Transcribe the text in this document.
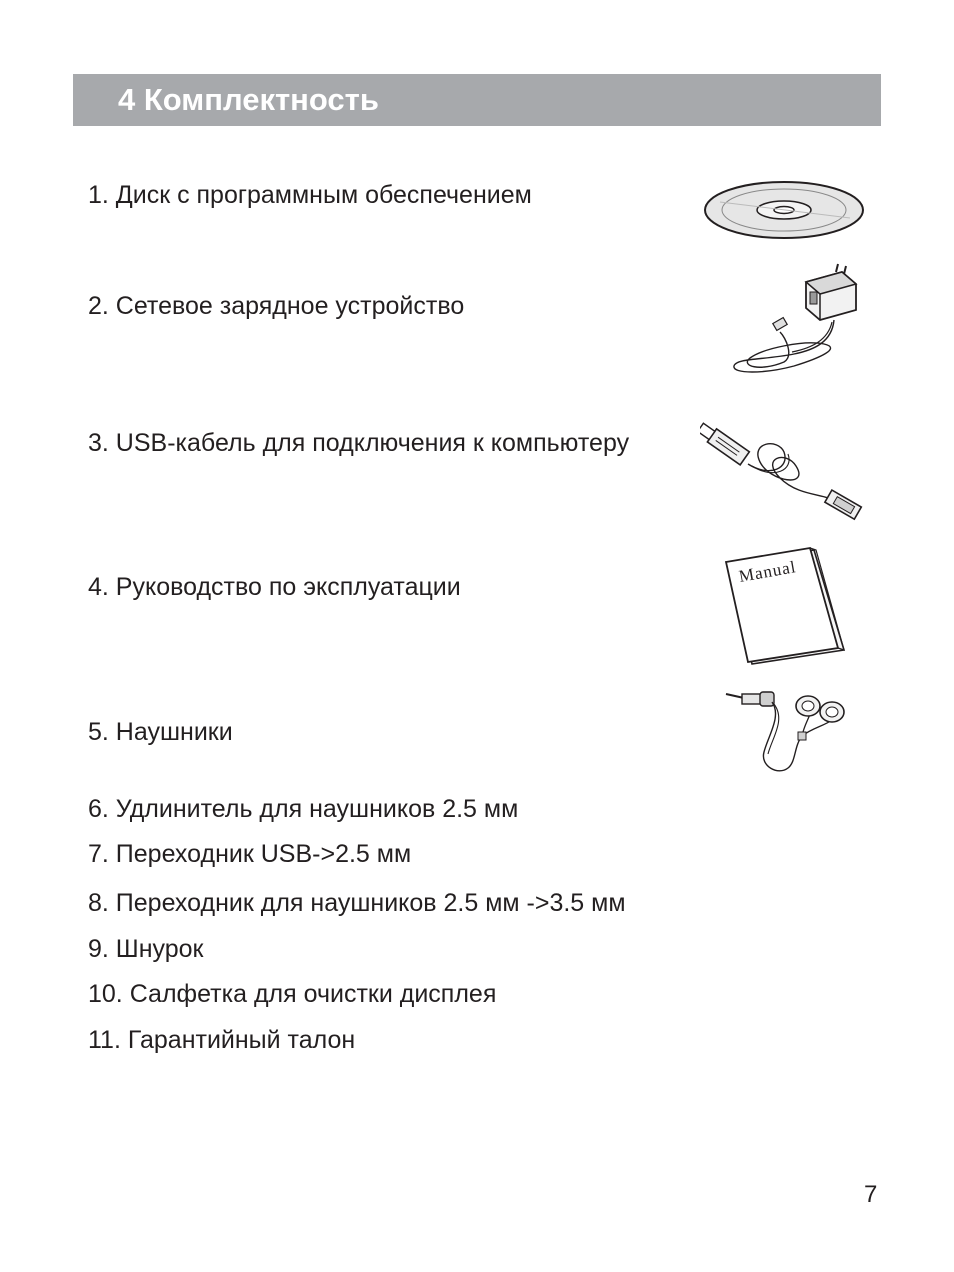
4 Комплектность
1. Диск с программным обеспечением
2. Сетевое зарядное устройство
3. USB-кабель для подключения к компьютеру
4. Руководство по эксплуатации
5. Наушники
6. Удлинитель для наушников 2.5 мм
7. Переходник USB->2.5 мм
8. Переходник для наушников 2.5 мм ->3.5 мм
9. Шнурок
10. Салфетка для очистки дисплея
11. Гарантийный талон
Manual
7
